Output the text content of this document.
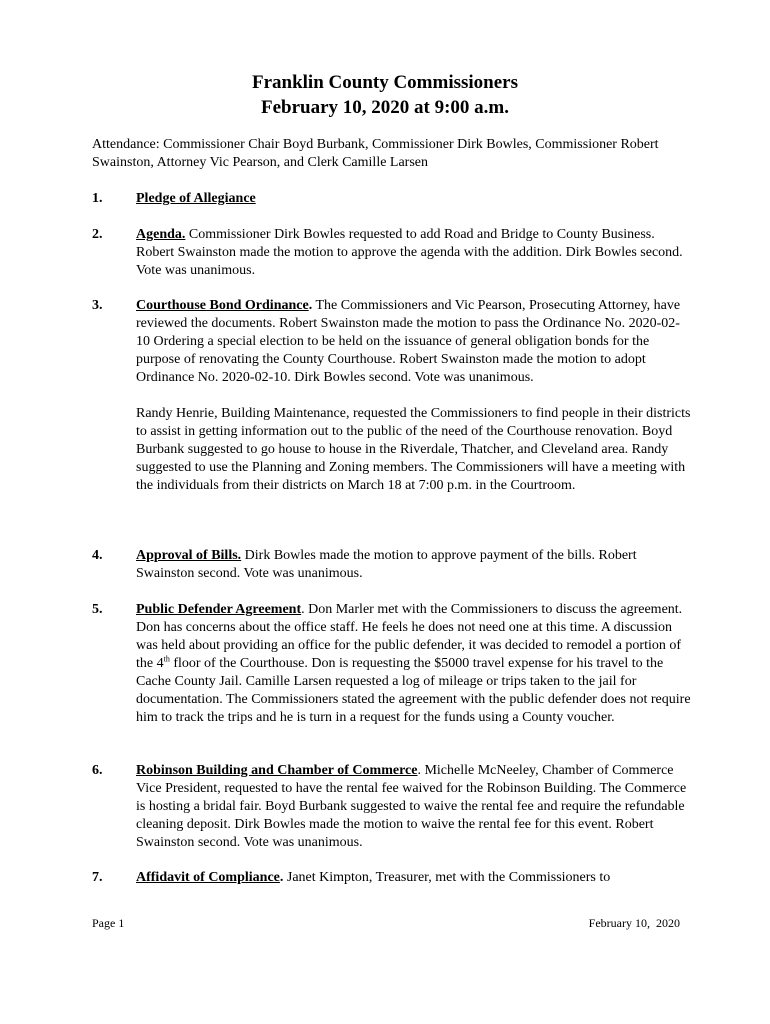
Franklin County Commissioners
February 10, 2020 at 9:00 a.m.
Attendance: Commissioner Chair Boyd Burbank, Commissioner Dirk Bowles, Commissioner Robert Swainston, Attorney Vic Pearson, and Clerk Camille Larsen
1. Pledge of Allegiance
2. Agenda. Commissioner Dirk Bowles requested to add Road and Bridge to County Business. Robert Swainston made the motion to approve the agenda with the addition. Dirk Bowles second. Vote was unanimous.
3. Courthouse Bond Ordinance. The Commissioners and Vic Pearson, Prosecuting Attorney, have reviewed the documents. Robert Swainston made the motion to pass the Ordinance No. 2020-02-10 Ordering a special election to be held on the issuance of general obligation bonds for the purpose of renovating the County Courthouse. Robert Swainston made the motion to adopt Ordinance No. 2020-02-10. Dirk Bowles second. Vote was unanimous.
Randy Henrie, Building Maintenance, requested the Commissioners to find people in their districts to assist in getting information out to the public of the need of the Courthouse renovation. Boyd Burbank suggested to go house to house in the Riverdale, Thatcher, and Cleveland area. Randy suggested to use the Planning and Zoning members. The Commissioners will have a meeting with the individuals from their districts on March 18 at 7:00 p.m. in the Courtroom.
4. Approval of Bills. Dirk Bowles made the motion to approve payment of the bills. Robert Swainston second. Vote was unanimous.
5. Public Defender Agreement. Don Marler met with the Commissioners to discuss the agreement. Don has concerns about the office staff. He feels he does not need one at this time. A discussion was held about providing an office for the public defender, it was decided to remodel a portion of the 4th floor of the Courthouse. Don is requesting the $5000 travel expense for his travel to the Cache County Jail. Camille Larsen requested a log of mileage or trips taken to the jail for documentation. The Commissioners stated the agreement with the public defender does not require him to track the trips and he is turn in a request for the funds using a County voucher.
6. Robinson Building and Chamber of Commerce. Michelle McNeeley, Chamber of Commerce Vice President, requested to have the rental fee waived for the Robinson Building. The Commerce is hosting a bridal fair. Boyd Burbank suggested to waive the rental fee and require the refundable cleaning deposit. Dirk Bowles made the motion to waive the rental fee for this event. Robert Swainston second. Vote was unanimous.
7. Affidavit of Compliance. Janet Kimpton, Treasurer, met with the Commissioners to
Page 1	February 10,  2020
